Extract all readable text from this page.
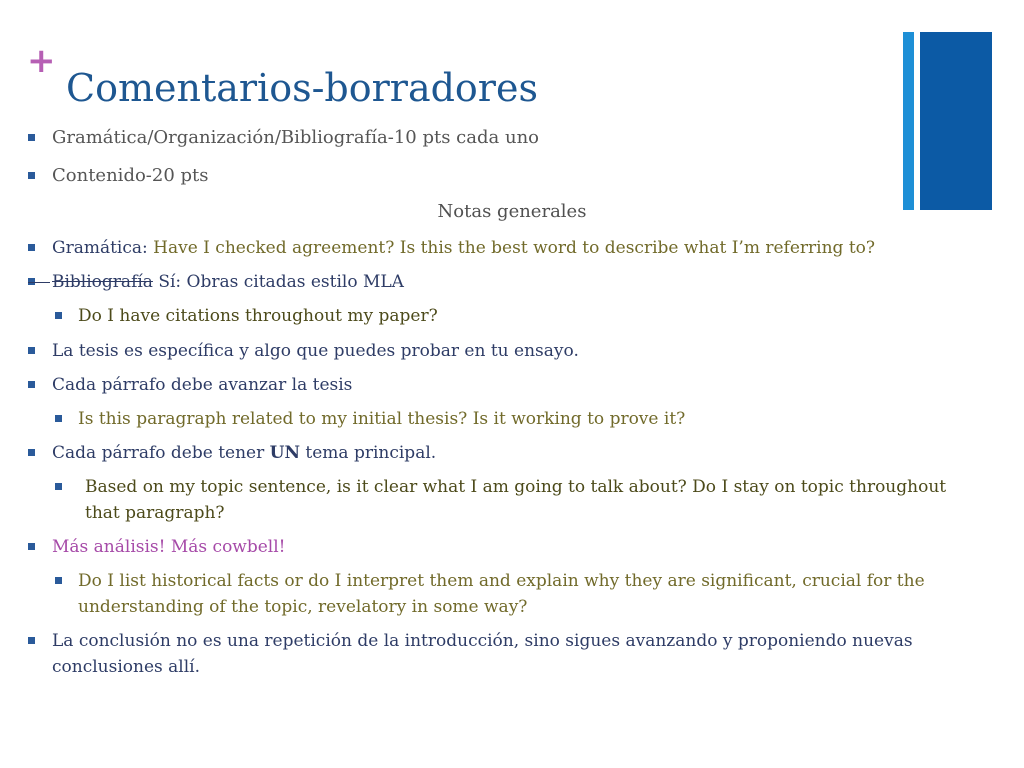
+
Comentarios-borradores
Gramática/Organización/Bibliografía-10 pts cada uno
Contenido-20 pts
Notas generales
Gramática: Have I checked agreement? Is this the best word to describe what I’m referring to?
Bibliografía Sí: Obras citadas estilo MLA
Do I have citations throughout my paper?
La tesis es específica y algo que puedes probar en tu ensayo.
Cada párrafo debe avanzar la tesis
Is this paragraph related to my initial thesis? Is it working to prove it?
Cada párrafo debe tener UN tema principal.
Based on my topic sentence, is it clear what I am going to talk about? Do I stay on topic throughout
that paragraph?
Más análisis! Más cowbell!
Do I list historical facts or do I interpret them and explain why they are significant, crucial for the
understanding of the topic, revelatory in some way?
La conclusión no es una repetición de la introducción, sino sigues avanzando y proponiendo nuevas
conclusiones allí.
